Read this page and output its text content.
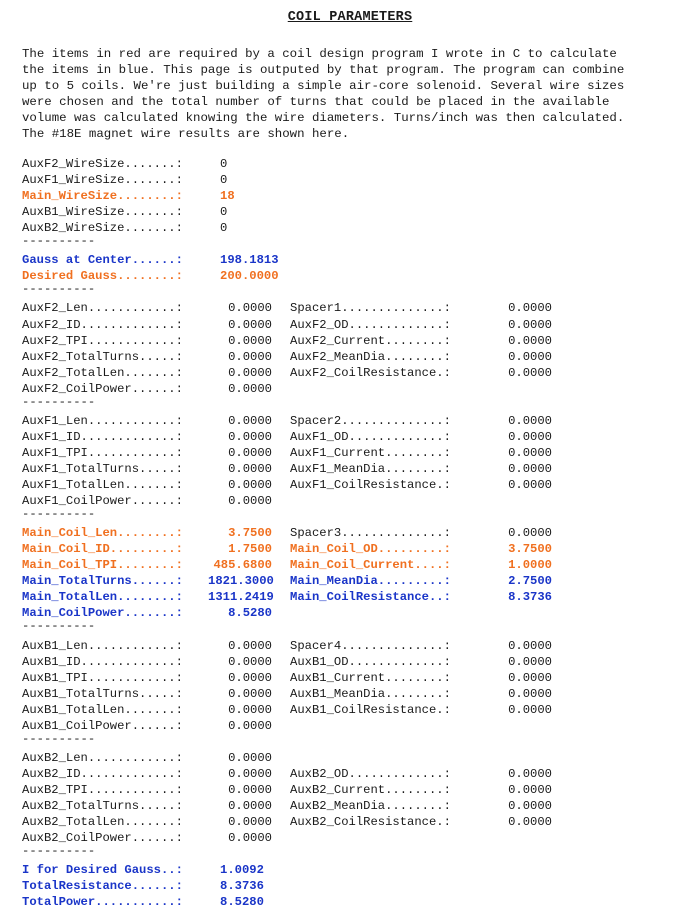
COIL PARAMETERS
The items in red are required by a coil design program I wrote in C to calculate
the items in blue. This page is outputed by that program. The program can combine
up to 5 coils. We're just building a simple air-core solenoid. Several wire sizes
were chosen and the total number of turns that could be placed in the available
volume was calculated knowing the wire diameters. Turns/inch was then calculated.
The #18E magnet wire results are shown here.
AuxF2_WireSize.......:	0
AuxF1_WireSize.......:	0
Main_WireSize........:	18
AuxB1_WireSize.......:	0
AuxB2_WireSize.......:	0
----------
Gauss at Center......:	198.1813
Desired Gauss........:	200.0000
----------
AuxF2_Len............:	0.0000 Spacer1..............:	0.0000
AuxF2_ID.............:	0.0000 AuxF2_OD.............:	0.0000
AuxF2_TPI............:	0.0000 AuxF2_Current........:	0.0000
AuxF2_TotalTurns.....:	0.0000 AuxF2_MeanDia........:	0.0000
AuxF2_TotalLen.......:	0.0000 AuxF2_CoilResistance.:	0.0000
AuxF2_CoilPower......:	0.0000
----------
AuxF1_Len............:	0.0000 Spacer2..............:	0.0000
AuxF1_ID.............:	0.0000 AuxF1_OD.............:	0.0000
AuxF1_TPI............:	0.0000 AuxF1_Current........:	0.0000
AuxF1_TotalTurns.....:	0.0000 AuxF1_MeanDia........:	0.0000
AuxF1_TotalLen.......:	0.0000 AuxF1_CoilResistance.:	0.0000
AuxF1_CoilPower......:	0.0000
----------
Main_Coil_Len........:	3.7500 Spacer3..............:	0.0000
Main_Coil_ID.........:	1.7500 Main_Coil_OD.........:	3.7500
Main_Coil_TPI........:	485.6800 Main_Coil_Current....:	1.0000
Main_TotalTurns......: 1821.3000 Main_MeanDia.........:	2.7500
Main_TotalLen........: 1311.2419 Main_CoilResistance..:	8.3736
Main_CoilPower.......:	8.5280
----------
AuxB1_Len............:	0.0000 Spacer4..............:	0.0000
AuxB1_ID.............:	0.0000 AuxB1_OD.............:	0.0000
AuxB1_TPI............:	0.0000 AuxB1_Current........:	0.0000
AuxB1_TotalTurns.....:	0.0000 AuxB1_MeanDia........:	0.0000
AuxB1_TotalLen.......:	0.0000 AuxB1_CoilResistance.:	0.0000
AuxB1_CoilPower......:	0.0000
----------
AuxB2_Len............:	0.0000
AuxB2_ID.............:	0.0000 AuxB2_OD.............:	0.0000
AuxB2_TPI............:	0.0000 AuxB2_Current........:	0.0000
AuxB2_TotalTurns.....:	0.0000 AuxB2_MeanDia........:	0.0000
AuxB2_TotalLen.......:	0.0000 AuxB2_CoilResistance.:	0.0000
AuxB2_CoilPower......:	0.0000
----------
I for Desired Gauss..:	1.0092
TotalResistance......:	8.3736
TotalPower...........:	8.5280
